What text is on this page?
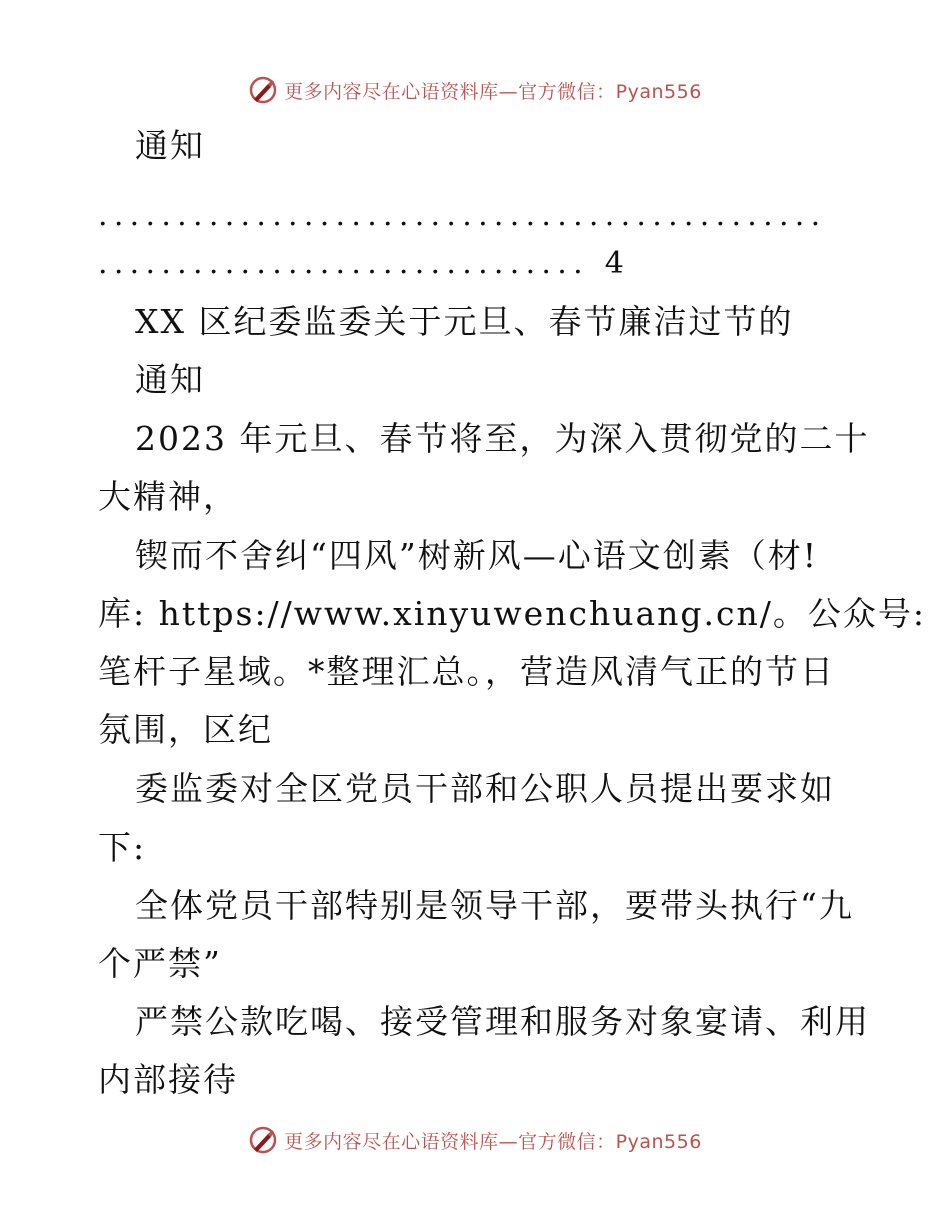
更多内容尽在心语资料库—官方微信：Pyan556
通知
..............................................
............................... 4
XX 区纪委监委关于元旦、春节廉洁过节的
通知
2023 年元旦、春节将至，为深入贯彻党的二十
大精神，
锲而不舍纠“四风”树新风—心语文创素（材!
库: https://www.xinyuwenchuang.cn/。公众号:
笔杆子星域。*整理汇总。，营造风清气正的节日
氛围，区纪
委监委对全区党员干部和公职人员提出要求如
下:
全体党员干部特别是领导干部，要带头执行“九
个严禁”
严禁公款吃喝、接受管理和服务对象宴请、利用
内部接待
更多内容尽在心语资料库—官方微信：Pyan556
